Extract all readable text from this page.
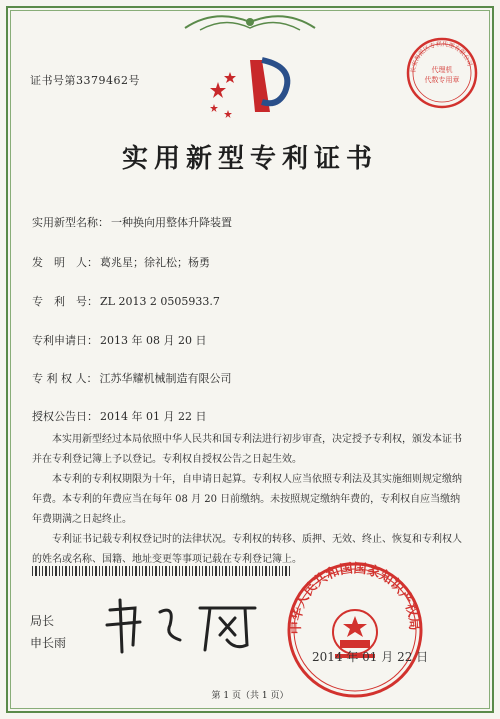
证书号第3379462号
代理机
代数专用章
长安海派区专利代理有限公司
实用新型专利证书
实用新型名称： 一种换向用整体升降装置
发　明　人： 葛兆星；徐礼松；杨勇
专　利　号： ZL 2013 2 0505933.7
专利申请日： 2013 年 08 月 20 日
专 利 权 人： 江苏华耀机械制造有限公司
授权公告日： 2014 年 01 月 22 日

本实用新型经过本局依照中华人民共和国专利法进行初步审查，决定授予专利权，颁发本证书并在专利登记簿上予以登记。专利权自授权公告之日起生效。

本专利的专利权期限为十年，自申请日起算。专利权人应当依照专利法及其实施细则规定缴纳年费。本专利的年费应当在每年 08 月 20 日前缴纳。未按照规定缴纳年费的，专利权自应当缴纳年费期满之日起终止。

专利证书记载专利权登记时的法律状况。专利权的转移、质押、无效、终止、恢复和专利权人的姓名或名称、国籍、地址变更等事项记载在专利登记簿上。

局长
申长雨
中华人民共和国国家知识产权局
2014 年 01 月 22 日
第 1 页（共 1 页）
